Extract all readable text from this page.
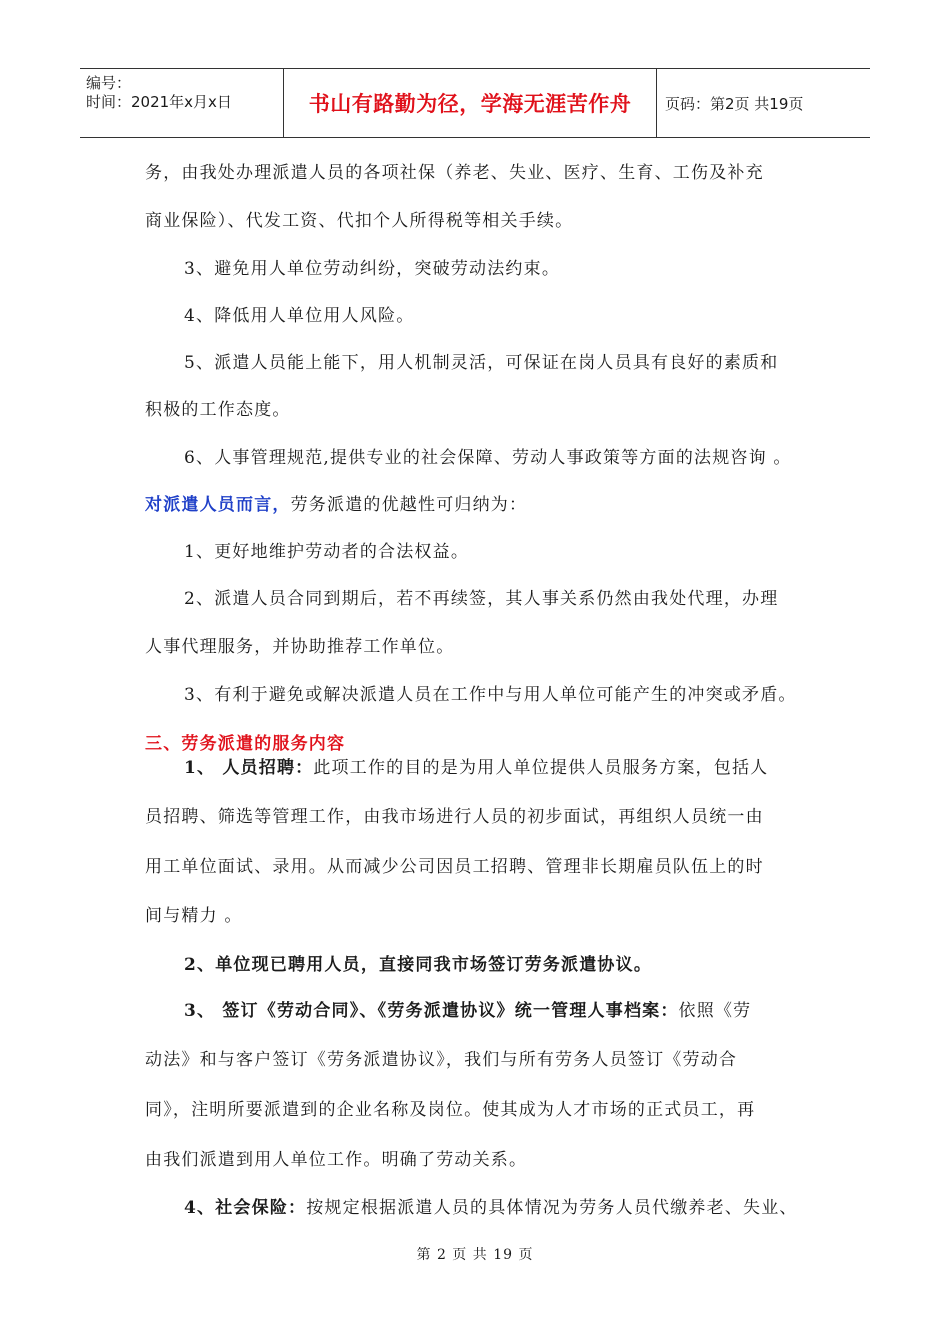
编号：
时间：2021年x月x日	书山有路勤为径，学海无涯苦作舟 页码：第2页 共19页
务，由我处办理派遣人员的各项社保（养老、失业、医疗、生育、工伤及补充
商业保险）、代发工资、代扣个人所得税等相关手续。
3、避免用人单位劳动纠纷，突破劳动法约束。
4、降低用人单位用人风险。
5、派遣人员能上能下，用人机制灵活，可保证在岗人员具有良好的素质和
积极的工作态度。
6、人事管理规范,提供专业的社会保障、劳动人事政策等方面的法规咨询 。
对派遣人员而言，劳务派遣的优越性可归纳为：
1、更好地维护劳动者的合法权益。
2、派遣人员合同到期后，若不再续签，其人事关系仍然由我处代理，办理
人事代理服务，并协助推荐工作单位。
3、有利于避免或解决派遣人员在工作中与用人单位可能产生的冲突或矛盾。
三、劳务派遣的服务内容
1、 人员招聘：此项工作的目的是为用人单位提供人员服务方案，包括人
员招聘、筛选等管理工作，由我市场进行人员的初步面试，再组织人员统一由
用工单位面试、录用。从而减少公司因员工招聘、管理非长期雇员队伍上的时
间与精力 。
2、单位现已聘用人员，直接同我市场签订劳务派遣协议。
3、 签订《劳动合同》、《劳务派遣协议》统一管理人事档案：依照《劳
动法》和与客户签订《劳务派遣协议》，我们与所有劳务人员签订《劳动合
同》，注明所要派遣到的企业名称及岗位。使其成为人才市场的正式员工，再
由我们派遣到用人单位工作。明确了劳动关系。
4、社会保险：按规定根据派遣人员的具体情况为劳务人员代缴养老、失业、
第 2 页 共 19 页
